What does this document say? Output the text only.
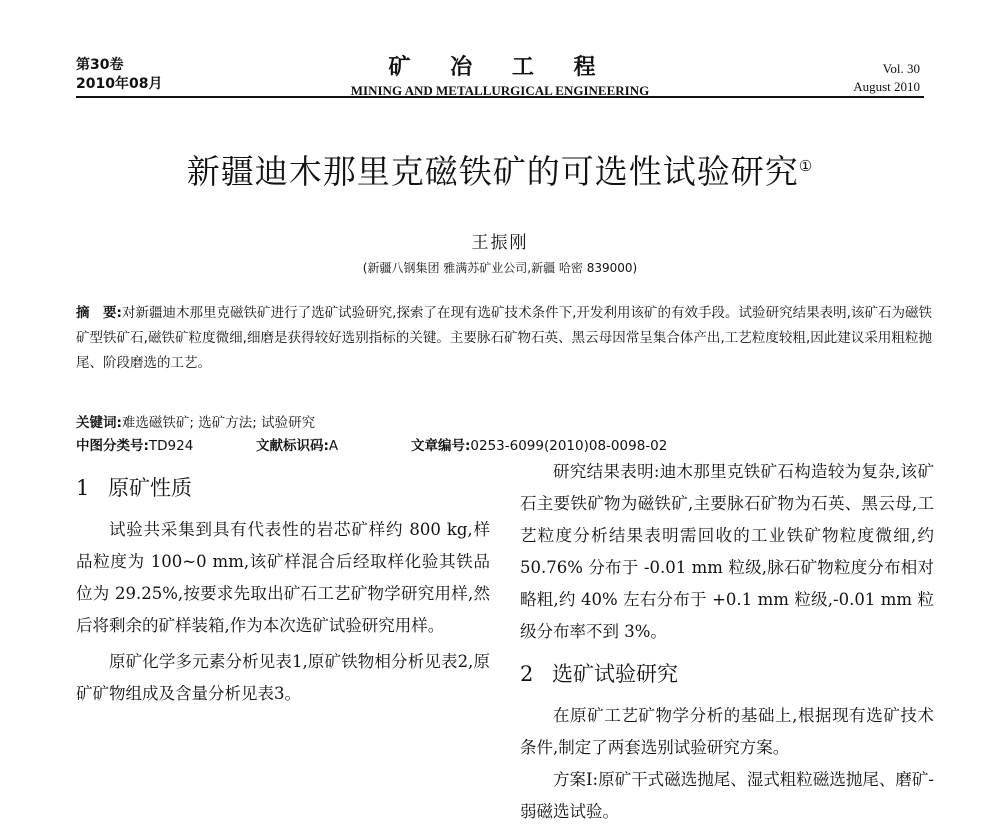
第30卷
2010年08月
矿 冶 工 程
MINING AND METALLURGICAL ENGINEERING
Vol. 30
August 2010
新疆迪木那里克磁铁矿的可选性试验研究①
王振刚
(新疆八钢集团 雅满苏矿业公司,新疆 哈密 839000)
摘　要:对新疆迪木那里克磁铁矿进行了选矿试验研究,探索了在现有选矿技术条件下,开发利用该矿的有效手段。试验研究结果表明,该矿石为磁铁矿型铁矿石,磁铁矿粒度微细,细磨是获得较好选别指标的关键。主要脉石矿物石英、黑云母因常呈集合体产出,工艺粒度较粗,因此建议采用粗粒抛尾、阶段磨选的工艺。
关键词:难选磁铁矿; 选矿方法; 试验研究
中图分类号:TD924	文献标识码:A	文章编号:0253-6099(2010)08-0098-02
1 原矿性质

试验共采集到具有代表性的岩芯矿样约 800 kg,样品粒度为 100~0 mm,该矿样混合后经取样化验其铁品位为 29.25%,按要求先取出矿石工艺矿物学研究用样,然后将剩余的矿样装箱,作为本次选矿试验研究用样。

原矿化学多元素分析见表1,原矿铁物相分析见表2,原矿矿物组成及含量分析见表3。

研究结果表明:迪木那里克铁矿石构造较为复杂,该矿石主要铁矿物为磁铁矿,主要脉石矿物为石英、黑云母,工艺粒度分析结果表明需回收的工业铁矿物粒度微细,约 50.76% 分布于 -0.01 mm 粒级,脉石矿物粒度分布相对略粗,约 40% 左右分布于 +0.1 mm 粒级,-0.01 mm 粒级分布率不到 3%。

2 选矿试验研究

在原矿工艺矿物学分析的基础上,根据现有选矿技术条件,制定了两套选别试验研究方案。

方案Ⅰ:原矿干式磁选抛尾、湿式粗粒磁选抛尾、磨矿-弱磁选试验。
